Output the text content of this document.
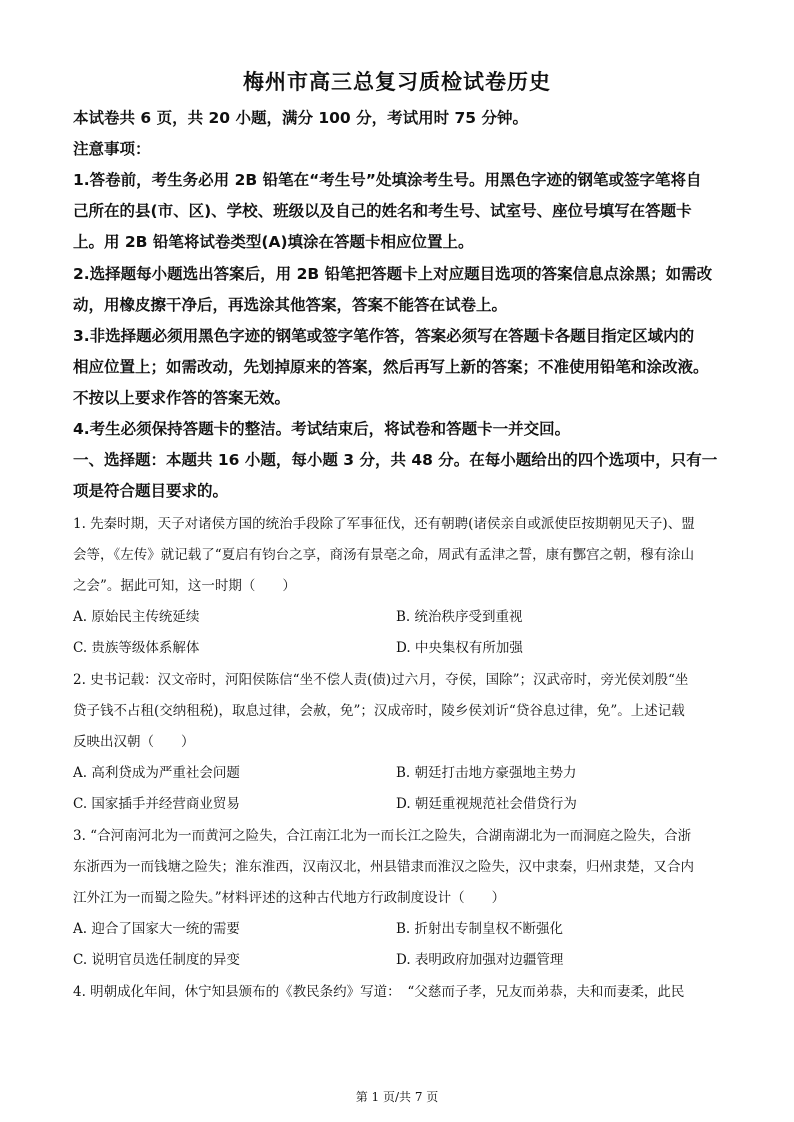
梅州市高三总复习质检试卷历史
本试卷共 6 页，共 20 小题，满分 100 分，考试用时 75 分钟。
注意事项：
1.答卷前，考生务必用 2B 铅笔在“考生号”处填涂考生号。用黑色字迹的钢笔或签字笔将自
己所在的县(市、区)、学校、班级以及自己的姓名和考生号、试室号、座位号填写在答题卡
上。用 2B 铅笔将试卷类型(A)填涂在答题卡相应位置上。
2.选择题每小题选出答案后，用 2B 铅笔把答题卡上对应题目选项的答案信息点涂黑；如需改
动，用橡皮擦干净后，再选涂其他答案，答案不能答在试卷上。
3.非选择题必须用黑色字迹的钢笔或签字笔作答，答案必须写在答题卡各题目指定区域内的
相应位置上；如需改动，先划掉原来的答案，然后再写上新的答案；不准使用铅笔和涂改液。
不按以上要求作答的答案无效。
4.考生必须保持答题卡的整洁。考试结束后，将试卷和答题卡一并交回。
一、选择题：本题共 16 小题，每小题 3 分，共 48 分。在每小题给出的四个选项中，只有一
项是符合题目要求的。
1. 先秦时期，天子对诸侯方国的统治手段除了军事征伐，还有朝聘(诸侯亲自或派使臣按期朝见天子)、盟
会等，《左传》就记载了“夏启有钧台之享，商汤有景亳之命，周武有孟津之誓，康有酆宫之朝，穆有涂山
之会”。据此可知，这一时期（　　）
A. 原始民主传统延续	B. 统治秩序受到重视
C. 贵族等级体系解体	D. 中央集权有所加强
2. 史书记载：汉文帝时，河阳侯陈信“坐不偿人责(债)过六月，夺侯，国除”；汉武帝时，旁光侯刘殷“坐
贷子钱不占租(交纳租税)，取息过律，会赦，免”；汉成帝时，陵乡侯刘䜣“贷谷息过律，免”。上述记载
反映出汉朝（　　）
A. 高利贷成为严重社会问题	B. 朝廷打击地方豪强地主势力
C. 国家插手并经营商业贸易	D. 朝廷重视规范社会借贷行为
3. “合河南河北为一而黄河之险失，合江南江北为一而长江之险失，合湖南湖北为一而洞庭之险失，合浙
东浙西为一而钱塘之险失；淮东淮西，汉南汉北，州县错隶而淮汉之险失，汉中隶秦，归州隶楚，又合内
江外江为一而蜀之险失。”材料评述的这种古代地方行政制度设计（　　）
A. 迎合了国家大一统的需要	B. 折射出专制皇权不断强化
C. 说明官员选任制度的异变	D. 表明政府加强对边疆管理
4. 明朝成化年间，休宁知县颁布的《教民条约》写道：　“父慈而子孝，兄友而弟恭，夫和而妻柔，此民
第 1 页/共 7 页
